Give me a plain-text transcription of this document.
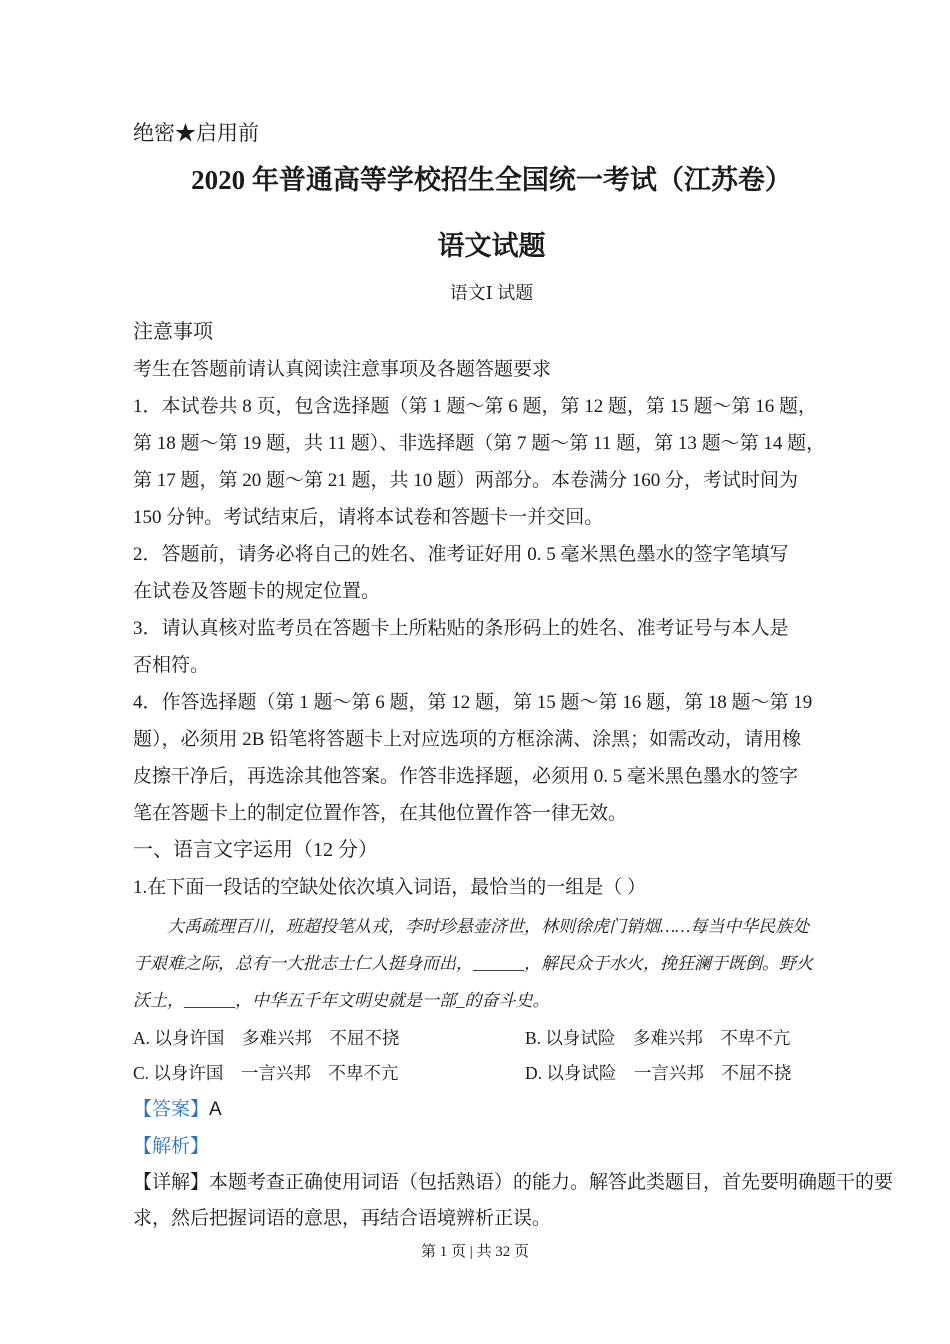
绝密★启用前
2020 年普通高等学校招生全国统一考试（江苏卷）
语文试题
语文Ⅰ 试题
注意事项
考生在答题前请认真阅读注意事项及各题答题要求
1．本试卷共 8 页，包含选择题（第 1 题～第 6 题，第 12 题，第 15 题～第 16 题，
第 18 题～第 19 题，共 11 题）、非选择题（第 7 题～第 11 题，第 13 题～第 14 题，
第 17 题，第 20 题～第 21 题，共 10 题）两部分。本卷满分 160 分，考试时间为
150 分钟。考试结束后，请将本试卷和答题卡一并交回。
2．答题前，请务必将自己的姓名、准考证好用 0. 5 毫米黑色墨水的签字笔填写
在试卷及答题卡的规定位置。
3．请认真核对监考员在答题卡上所粘贴的条形码上的姓名、准考证号与本人是
否相符。
4．作答选择题（第 1 题～第 6 题，第 12 题，第 15 题～第 16 题，第 18 题～第 19
题），必须用 2B 铅笔将答题卡上对应选项的方框涂满、涂黑；如需改动，请用橡
皮擦干净后，再选涂其他答案。作答非选择题，必须用 0. 5 毫米黑色墨水的签字
笔在答题卡上的制定位置作答，在其他位置作答一律无效。
一、语言文字运用（12 分）
1.在下面一段话的空缺处依次填入词语，最恰当的一组是（ ）
大禹疏理百川，班超投笔从戎，李时珍悬壶济世，林则徐虎门销烟……每当中华民族处
于艰难之际，总有一大批志士仁人挺身而出，______，解民众于水火，挽狂澜于既倒。野火
沃土，______，中华五千年文明史就是一部_的奋斗史。
A. 以身许国　多难兴邦　不屈不挠	B. 以身试险　多难兴邦　不卑不亢
C. 以身许国　一言兴邦　不卑不亢	D. 以身试险　一言兴邦　不屈不挠
【答案】A
【解析】
【详解】本题考查正确使用词语（包括熟语）的能力。解答此类题目，首先要明确题干的要
求，然后把握词语的意思，再结合语境辨析正误。
第 1 页 | 共 32 页
